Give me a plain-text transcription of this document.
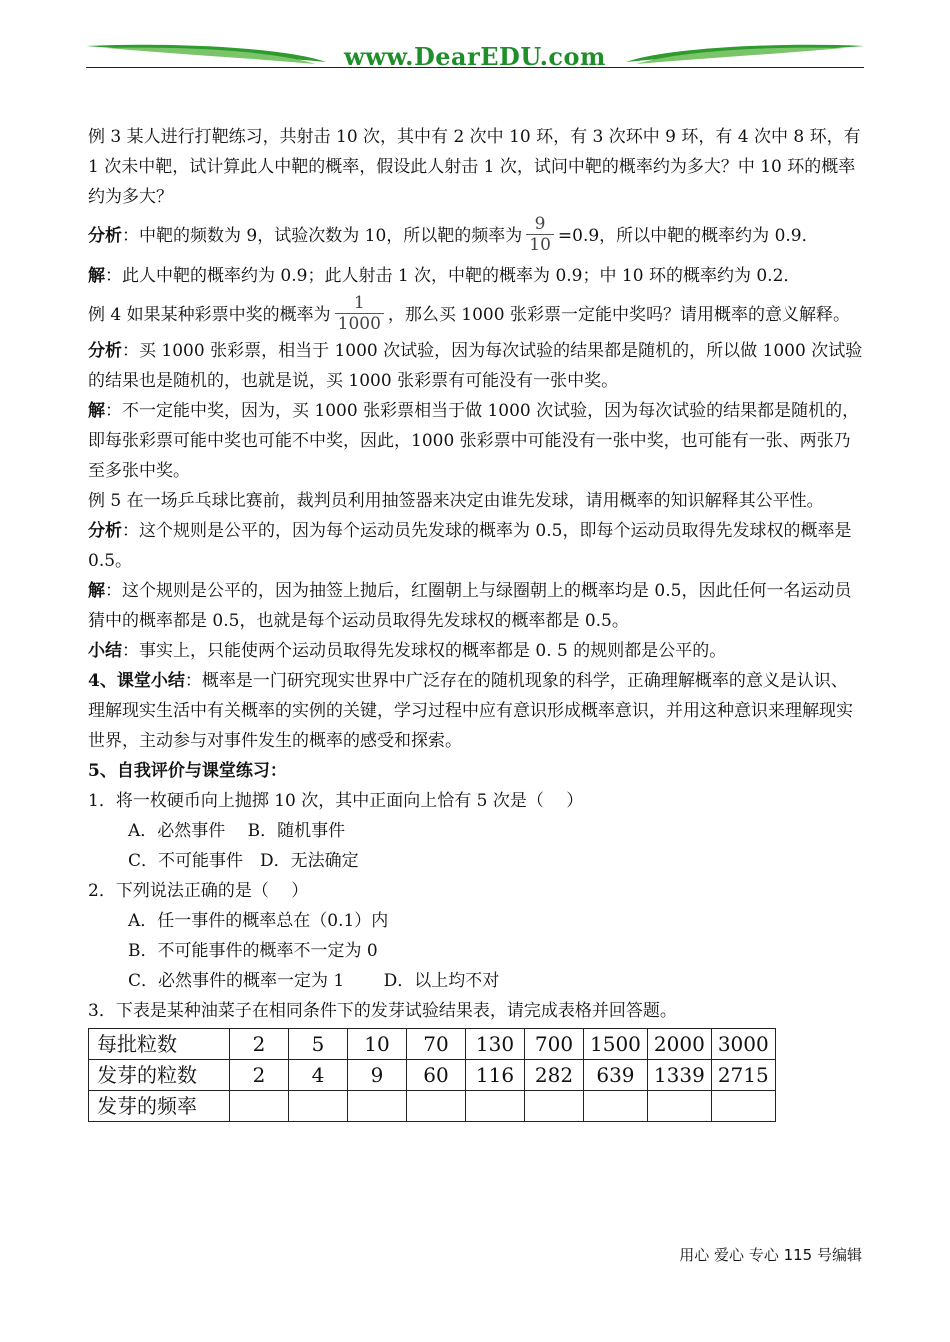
www.DearEDU.com

例 3 某人进行打靶练习，共射击 10 次，其中有 2 次中 10 环，有 3 次环中 9 环，有 4 次中 8 环，有 1 次未中靶，试计算此人中靶的概率，假设此人射击 1 次，试问中靶的概率约为多大？中 10 环的概率约为多大？

分析：中靶的频数为 9，试验次数为 10，所以靶的频率为 $\frac{9}{10} =0.9$，所以中靶的概率约为 0.9．

解：此人中靶的概率约为 0.9；此人射击 1 次，中靶的概率为 0.9；中 10 环的概率约为 0.2．

例 4 如果某种彩票中奖的概率为 $\frac{1}{1000}$ ，那么买 1000 张彩票一定能中奖吗？请用概率的意义解释。

分析：买 1000 张彩票，相当于 1000 次试验，因为每次试验的结果都是随机的，所以做 1000 次试验的结果也是随机的，也就是说，买 1000 张彩票有可能没有一张中奖。

解：不一定能中奖，因为，买 1000 张彩票相当于做 1000 次试验，因为每次试验的结果都是随机的，即每张彩票可能中奖也可能不中奖，因此，1000 张彩票中可能没有一张中奖，也可能有一张、两张乃至多张中奖。

例 5 在一场乒乓球比赛前，裁判员利用抽签器来决定由谁先发球，请用概率的知识解释其公平性。

分析：这个规则是公平的，因为每个运动员先发球的概率为 0.5，即每个运动员取得先发球权的概率是 0.5。

解：这个规则是公平的，因为抽签上抛后，红圈朝上与绿圈朝上的概率均是 0.5，因此任何一名运动员猜中的概率都是 0.5，也就是每个运动员取得先发球权的概率都是 0.5。

小结：事实上，只能使两个运动员取得先发球权的概率都是 0. 5 的规则都是公平的。

4、课堂小结：概率是一门研究现实世界中广泛存在的随机现象的科学，正确理解概率的意义是认识、理解现实生活中有关概率的实例的关键，学习过程中应有意识形成概率意识，并用这种意识来理解现实世界，主动参与对事件发生的概率的感受和探索。

5、自我评价与课堂练习：

1．将一枚硬币向上抛掷 10 次，其中正面向上恰有 5 次是（　 ）

A．必然事件　 B．随机事件

C．不可能事件　D．无法确定

2．下列说法正确的是（　 ）

A．任一事件的概率总在（0.1）内

B．不可能事件的概率不一定为 0

C．必然事件的概率一定为 1　　 D．以上均不对

3．下表是某种油菜子在相同条件下的发芽试验结果表，请完成表格并回答题。

每批粒数	2	5	10	70	130	700	1500	2000	3000
发芽的粒数	2	4	9	60	116	282	639	1339	2715
发芽的频率									
用心 爱心 专心 115 号编辑
